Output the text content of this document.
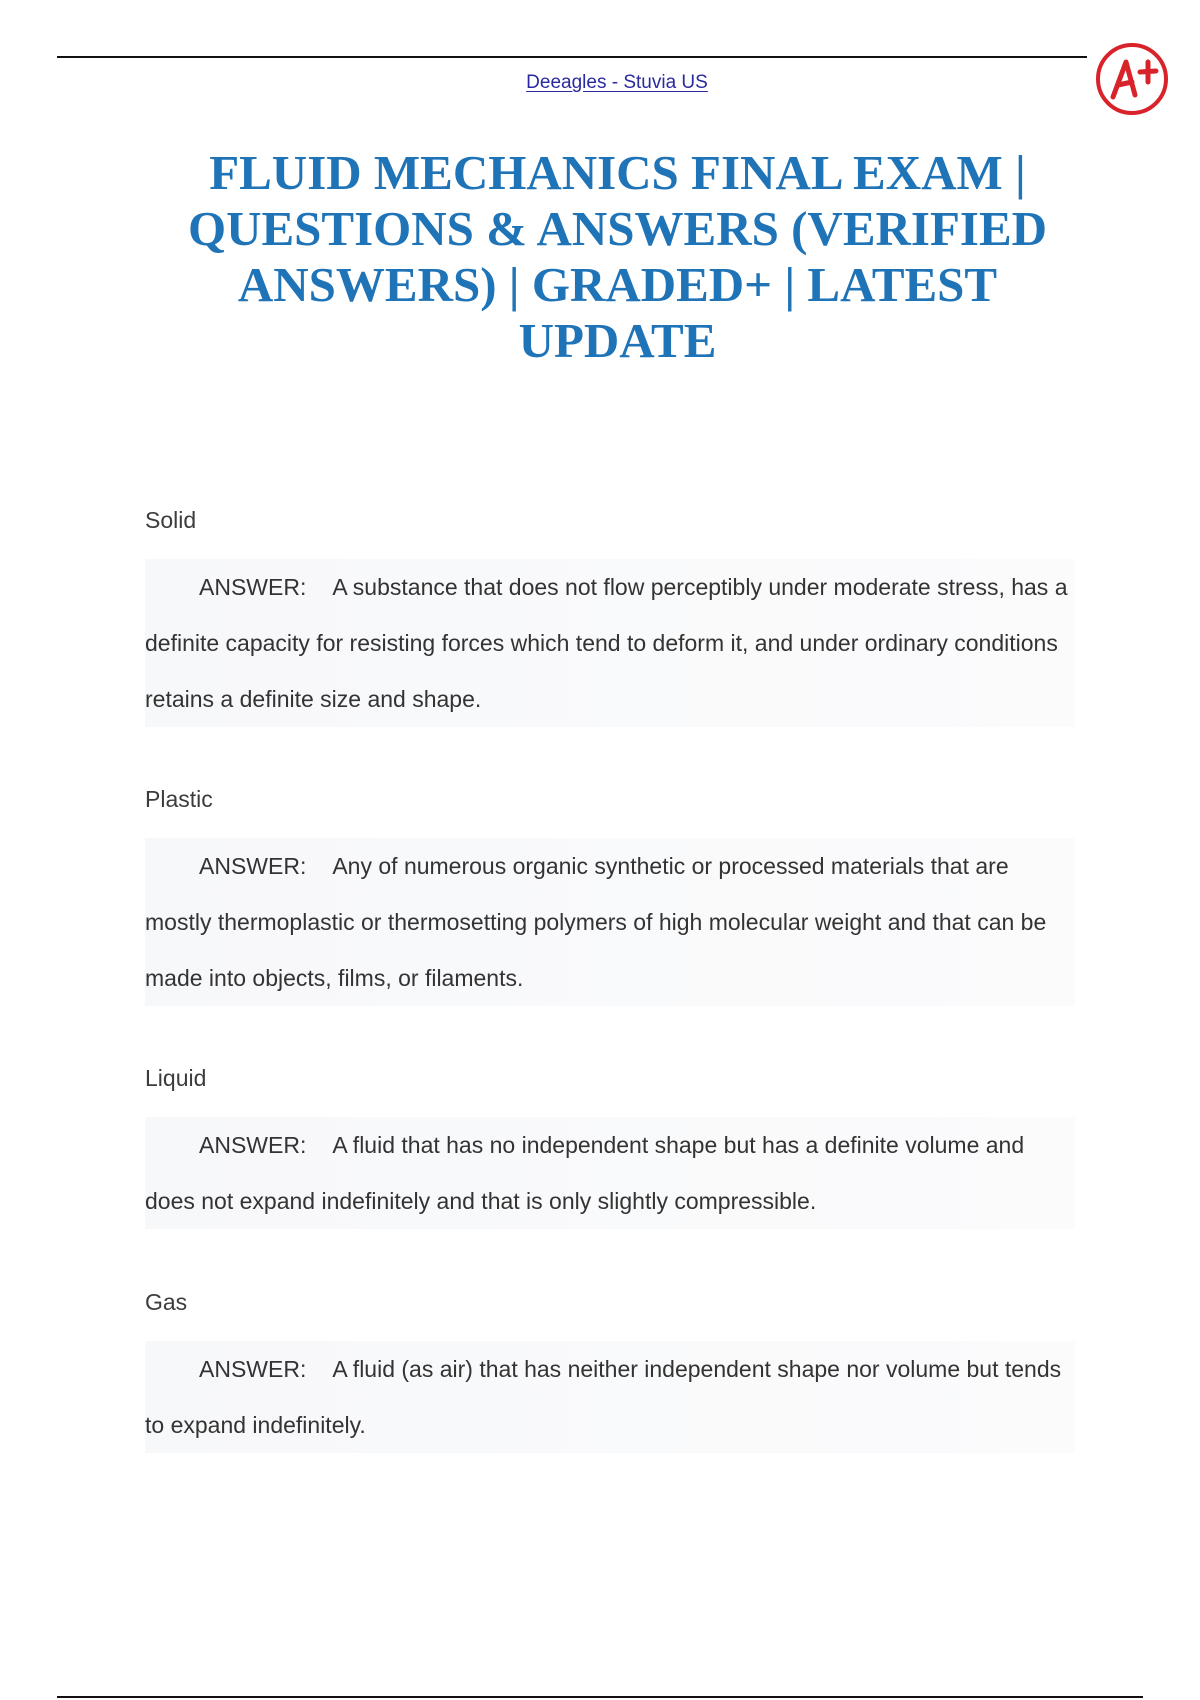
Deeagles - Stuvia US
FLUID MECHANICS FINAL EXAM | QUESTIONS & ANSWERS (VERIFIED ANSWERS) | GRADED+ | LATEST UPDATE

Solid

ANSWER: A substance that does not flow perceptibly under moderate stress, has a definite capacity for resisting forces which tend to deform it, and under ordinary conditions retains a definite size and shape.

Plastic

ANSWER: Any of numerous organic synthetic or processed materials that are mostly thermoplastic or thermosetting polymers of high molecular weight and that can be made into objects, films, or filaments.

Liquid

ANSWER: A fluid that has no independent shape but has a definite volume and does not expand indefinitely and that is only slightly compressible.

Gas

ANSWER: A fluid (as air) that has neither independent shape nor volume but tends to expand indefinitely.
